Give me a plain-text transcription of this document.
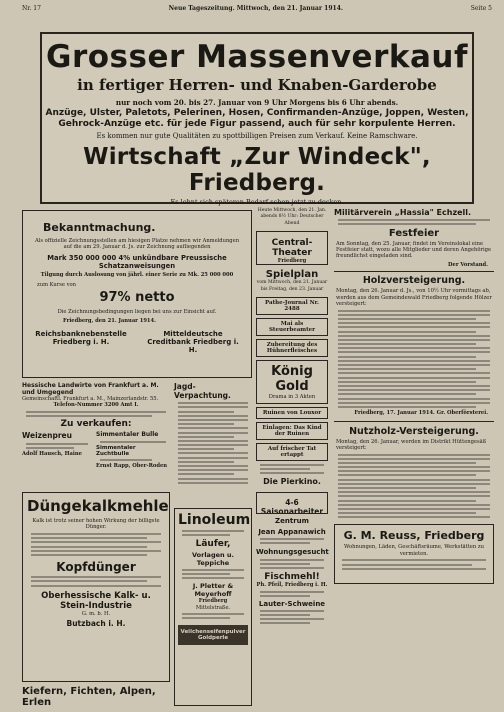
Nr. 17	Neue Tageszeitung. Mittwoch, den 21. Januar 1914.	Seite 5
Grosser Massenverkauf
in fertiger Herren- und Knaben-Garderobe
nur noch vom 20. bis 27. Januar von 9 Uhr Morgens bis 6 Uhr abends.
Anzüge, Ulster, Paletots, Pelerinen, Hosen, Confirmanden-Anzüge, Joppen, Westen, Gehrock-Anzüge etc. für jede Figur passend, auch für sehr korpulente Herren.
Es kommen nur gute Qualitäten zu spottbilligen Preisen zum Verkauf. Keine Ramschware.
Wirtschaft „Zur Windeck", Friedberg.
Es lohnt sich späteren Bedarf schon jetzt zu decken.
Bekanntmachung.
Als offizielle Zeichnungsstellen am hiesigen Platze nehmen wir Anmeldungen auf die am 29. Januar d. Js. zur Zeichnung aufliegenden
Mark 350 000 000 4% unkündbare Preussische Schatzanweisungen
Tilgung durch Auslosung von jährl. einer Serie zu Mk. 25 000 000
zum Kurse von
97% netto
Die Zeichnungsbedingungen liegen bei uns zur Einsicht auf.
Friedberg, den 21. Januar 1914.
Reichsbanknebenstelle Friedberg i. H.
Mitteldeutsche Creditbank Friedberg i. H.
Heute Mittwoch, den 21. Jan. abends 8½ Uhr: Deutscher Abend
Central-Theater
Friedberg
Spielplan
vom Mittwoch, den 21. Januar bis Freitag, den 23. Januar
Pathe-Journal Nr. 2488
Mai als Steuerbeamter
Zubereitung des Hühnerfleisches
König Gold
Drama in 3 Akten
Ruinen von Louxor
Einlagen: Das Kind der Ruinen
Auf frischer Tat ertappt
Die Pierkino.
4-6 Saisonarbeiter
Zentrum
Jean Appanawich
Wohnungsgesucht
Fischmehl!
Ph. Pfeil, Friedberg i. H.
Lauter-Schweine
Militärverein „Hassia" Echzell.
Festfeier
Am Sonntag, den 25. Januar, findet im Vereinslokal eine Festfeier statt, wozu alle Mitglieder und deren Angehörige freundlichst eingeladen sind.
Der Vorstand.
Holzversteigerung.
Montag, den 26. Januar d. Js., von 10½ Uhr vormittags ab, werden aus dem Gemeindewald Friedberg folgende Hölzer versteigert:
Friedberg, 17. Januar 1914. Gr. Oberförsterei.
Nutzholz-Versteigerung.
Montag, den 26. Januar, werden im Distrikt Hüttengesäß versteigert:
G. M. Reuss, Friedberg
Wohnungen, Läden, Geschäftsräume, Werkstätten zu vermieten.
Hessische Landwirte von Frankfurt a. M. und Umgegend
Gemeinschaftl. Frankfurt a. M., Mainzerlandstr. 55.
Telefon-Nummer 3200 Amt I.
Zu verkaufen:
Weizenpreu
Adolf Hausch, Haine
Simmentaler Bulle
Simmentaler Zuchtbulle
Ernst Rapp, Ober-Roden
Düngekalkmehle
Kalk ist trotz seiner hohen Wirkung der billigste Dünger.
Kopfdünger
Oberhessische Kalk- u. Stein-Industrie
G. m. b. H.
Butzbach i. H.
Kiefern, Fichten, Alpen, Erlen
Jagd-Verpachtung.
Linoleum
Läufer,
Vorlagen u. Teppiche
J. Pletter & Meyerhoff
Friedberg
Mittelstraße.
Veilchenseifenpulver Goldperle
